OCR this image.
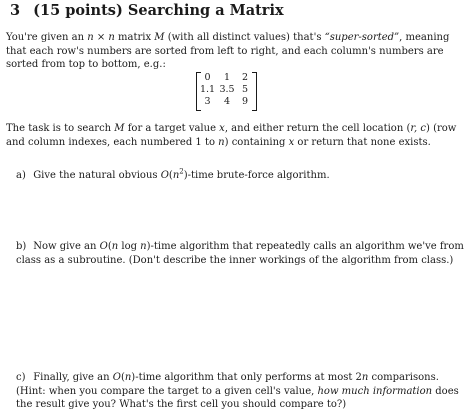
3 (15 points) Searching a Matrix
You're given an n × n matrix M (with all distinct values) that's “super-sorted”, meaning that each row's numbers are sorted from left to right, and each column's numbers are sorted from top to bottom, e.g.:
0	1	2
1.1	3.5	5
3	4	9
The task is to search M for a target value x, and either return the cell location (r, c) (row and column indexes, each numbered 1 to n) containing x or return that none exists.
a) Give the natural obvious $O(n^2)$-time brute-force algorithm.
b) Now give an O(n log n)-time algorithm that repeatedly calls an algorithm we've from class as a subroutine. (Don't describe the inner workings of the algorithm from class.)
c) Finally, give an O(n)-time algorithm that only performs at most 2n comparisons. (Hint: when you compare the target to a given cell's value, how much information does the result give you? What's the first cell you should compare to?)
